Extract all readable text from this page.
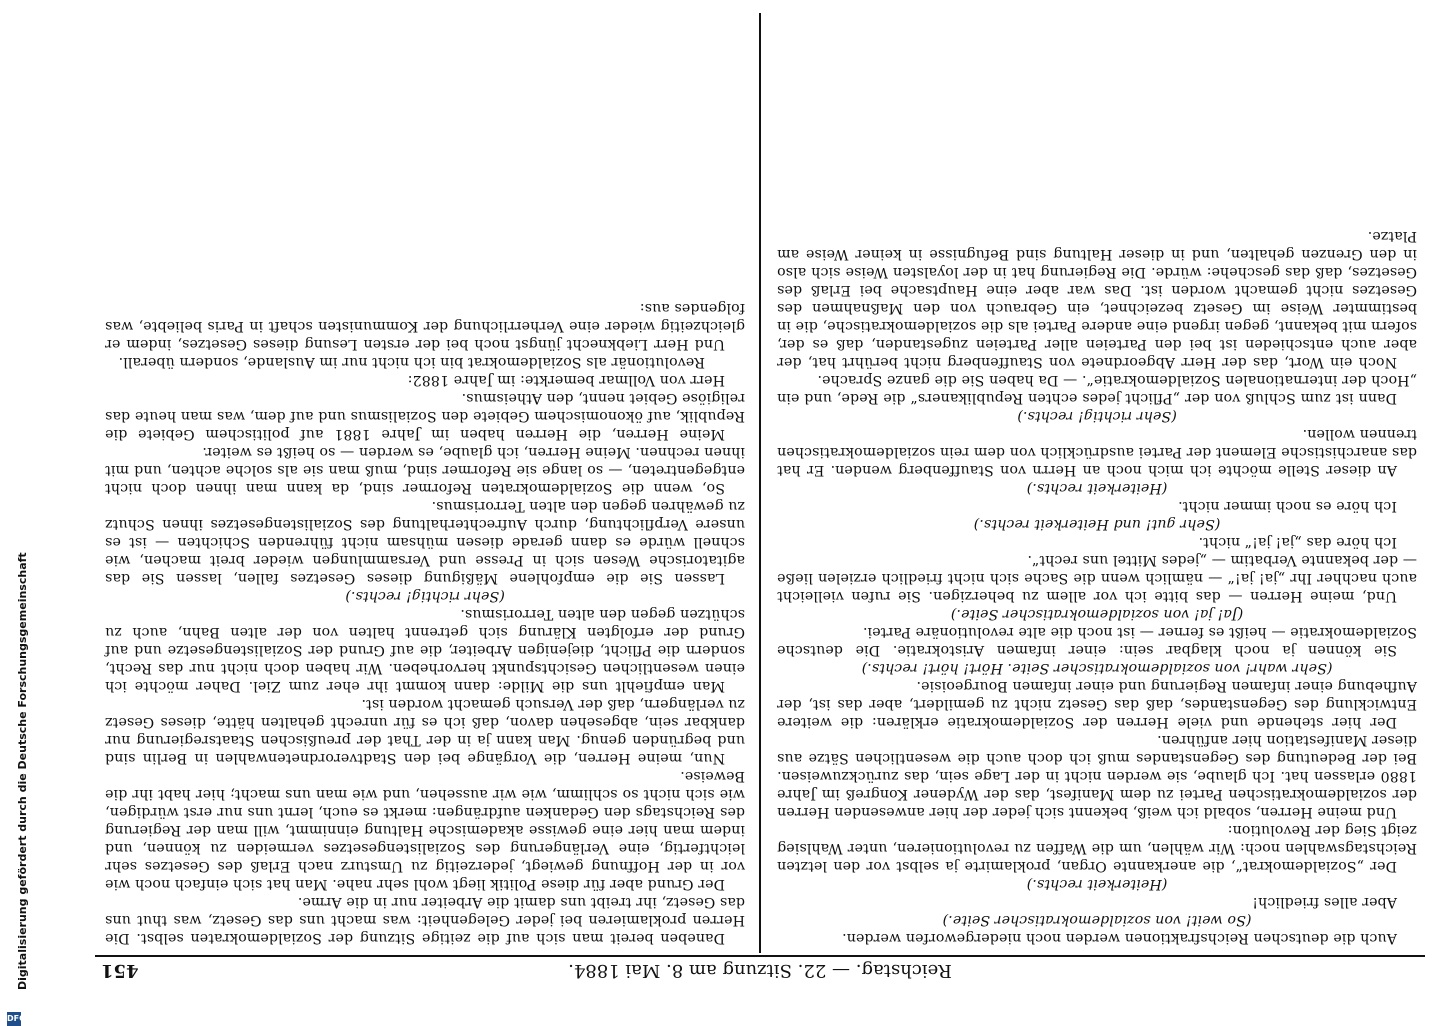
Digitalisierung gefördert durch die Deutsche Forschungsgemeinschaft
DFG
Reichstag. — 22. Sitzung am 8. Mai 1884.
451

Auch die deutschen Reichsfraktionen werden noch niedergeworfen werden.

(So weit! von sozialdemokratischer Seite.)

Aber alles friedlich!

(Heiterkeit rechts.)

Der „Sozialdemokrat“, die anerkannte Organ, proklamirte ja selbst vor den letzten Reichstagswahlen noch: Wir wählen, um die Waffen zu revolutionieren, unter Wahlsieg zeigt Sieg der Revolution:

Und meine Herren, sobald ich weiß, bekennt sich jeder der hier anwesenden Herren der sozialdemokratischen Partei zu dem Manifest, das der Wydener Kongreß im Jahre 1880 erlassen hat. Ich glaube, sie werden nicht in der Lage sein, das zurückzuweisen. Bei der Bedeutung des Gegenstandes muß ich doch auch die wesentlichen Sätze aus dieser Manifestation hier anführen.

Der hier stehende und viele Herren der Sozialdemokratie erklären: die weitere Entwicklung des Gegenstandes, daß das Gesetz nicht zu gemildert, aber das ist, der Aufhebung einer infamen Regierung und einer infamen Bourgeoisie.

(Sehr wahr! von sozialdemokratischer Seite. Hört! hört! rechts.)

Sie können ja noch klagbar sein: einer infamen Aristokratie. Die deutsche Sozialdemokratie — heißt es ferner — ist noch die alte revolutionäre Partei.

(Ja! ja! von sozialdemokratischer Seite.)

Und, meine Herren — das bitte ich vor allem zu beherzigen. Sie rufen vielleicht auch nachher Ihr „ja! ja!“ — nämlich wenn die Sache sich nicht friedlich erzielen ließe — der bekannte Verbatim — „jedes Mittel uns recht“.

Ich höre das „ja! ja!“ nicht.

(Sehr gut! und Heiterkeit rechts.)

Ich höre es noch immer nicht.

(Heiterkeit rechts.)

An dieser Stelle möchte ich mich noch an Herrn von Stauffenberg wenden. Er hat das anarchistische Element der Partei ausdrücklich von dem rein sozialdemokratischen trennen wollen.

(Sehr richtig! rechts.)

Dann ist zum Schluß von der „Pflicht jedes echten Republikaners“ die Rede, und ein „Hoch der internationalen Sozialdemokratie“. — Da haben Sie die ganze Sprache.

Noch ein Wort, das der Herr Abgeordnete von Stauffenberg nicht berührt hat, der aber auch entschieden ist bei den Parteien aller Parteien zugestanden, daß es der, sofern mit bekannt, gegen irgend eine andere Partei als die sozialdemokratische, die in bestimmter Weise im Gesetz bezeichnet, ein Gebrauch von den Maßnahmen des Gesetzes nicht gemacht worden ist. Das war aber eine Hauptsache bei Erlaß des Gesetzes, daß das geschehe: würde. Die Regierung hat in der loyalsten Weise sich also in den Grenzen gehalten, und in dieser Haltung sind Befugnisse in keiner Weise am Platze.

Daneben bereit man sich auf die zeitige Sitzung der Sozialdemokraten selbst. Die Herren proklamieren bei jeder Gelegenheit: was macht uns das Gesetz, was thut uns das Gesetz, ihr treibt uns damit die Arbeiter nur in die Arme.

Der Grund aber für diese Politik liegt wohl sehr nahe. Man hat sich einfach noch wie vor in der Hoffnung gewiegt, jederzeitig zu Umsturz nach Erlaß des Gesetzes sehr leichtfertig, eine Verlängerung des Sozialistengesetzes vermeiden zu können, und indem man hier eine gewisse akademische Haltung einnimmt, will man der Regierung des Reichstags den Gedanken aufdrängen: merkt es euch, lernt uns nur erst würdigen, wie sich nicht so schlimm, wie wir aussehen, und wie man uns macht; hier habt ihr die Beweise.

Nun, meine Herren, die Vorgänge bei den Stadtverordnetenwahlen in Berlin sind und begründen genug. Man kann ja in der That der preußischen Staatsregierung nur dankbar sein, abgesehen davon, daß ich es für unrecht gehalten hätte, dieses Gesetz zu verlängern, daß der Versuch gemacht worden ist.

Man empfiehlt uns die Milde: dann kommt ihr eher zum Ziel. Daher möchte ich einen wesentlichen Gesichtspunkt hervorheben. Wir haben doch nicht nur das Recht, sondern die Pflicht, diejenigen Arbeiter, die auf Grund der Sozialistengesetze und auf Grund der erfolgten Klärung sich getrennt halten von der alten Bahn, auch zu schützen gegen den alten Terrorismus.

(Sehr richtig! rechts.)

Lassen Sie die empfohlene Mäßigung dieses Gesetzes fallen, lassen Sie das agitatorische Wesen sich in Presse und Versammlungen wieder breit machen, wie schnell würde es dann gerade diesen mühsam nicht führenden Schichten — ist es unsere Verpflichtung, durch Aufrechterhaltung des Sozialistengesetzes ihnen Schutz zu gewähren gegen den alten Terrorismus.

So, wenn die Sozialdemokraten Reformer sind, da kann man ihnen doch nicht entgegentreten, — so lange sie Reformer sind, muß man sie als solche achten, und mit ihnen rechnen. Meine Herren, ich glaube, es werden — so heißt es weiter.

Meine Herren, die Herren haben im Jahre 1881 auf politischem Gebiete die Republik, auf ökonomischem Gebiete den Sozialismus und auf dem, was man heute das religiöse Gebiet nennt, den Atheismus.

Herr von Vollmar bemerkte: im Jahre 1882:

Revolutionär als Sozialdemokrat bin ich nicht nur im Auslande, sondern überall.

Und Herr Liebknecht jüngst noch bei der ersten Lesung dieses Gesetzes, indem er gleichzeitig wieder eine Verherrlichung der Kommunisten schaft in Paris beliebte, was folgendes aus:
